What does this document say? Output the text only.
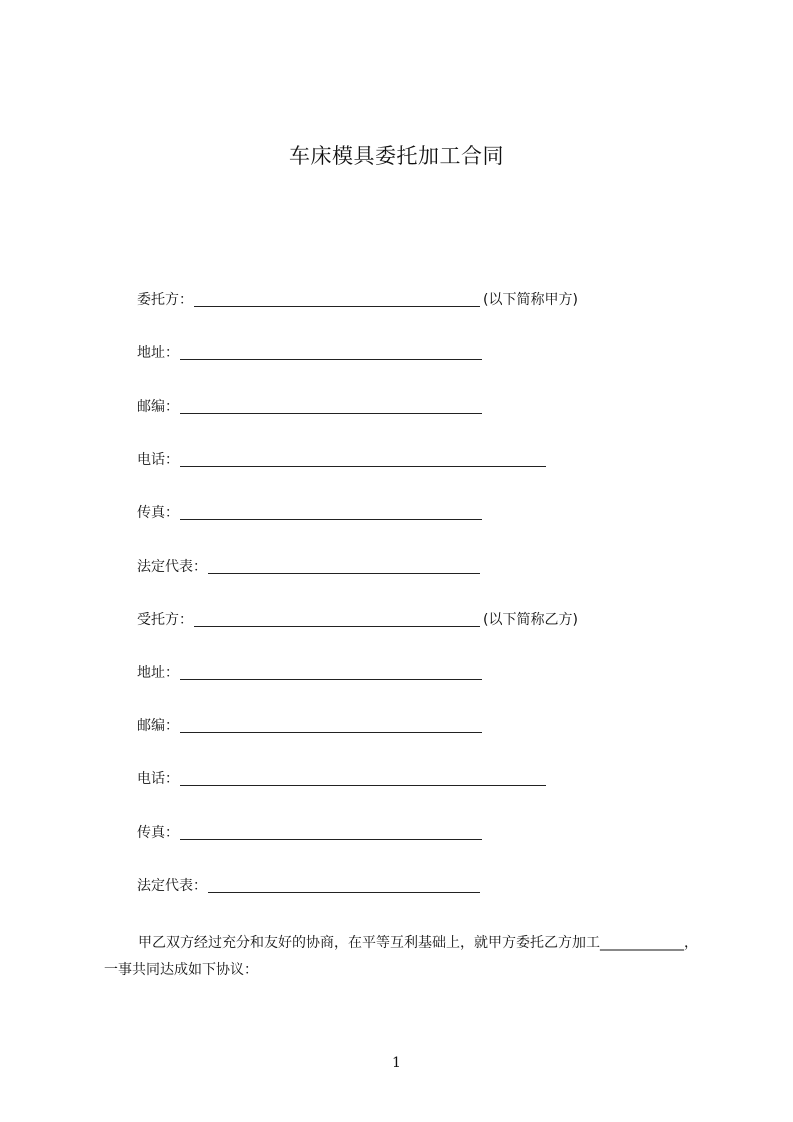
车床模具委托加工合同
委托方：	(以下简称甲方)
地址：
邮编：
电话：
传真：
法定代表：
受托方：	(以下简称乙方)
地址：
邮编：
电话：
传真：
法定代表：

甲乙双方经过充分和友好的协商，在平等互利基础上，就甲方委托乙方加工____________，一事共同达成如下协议：

1
